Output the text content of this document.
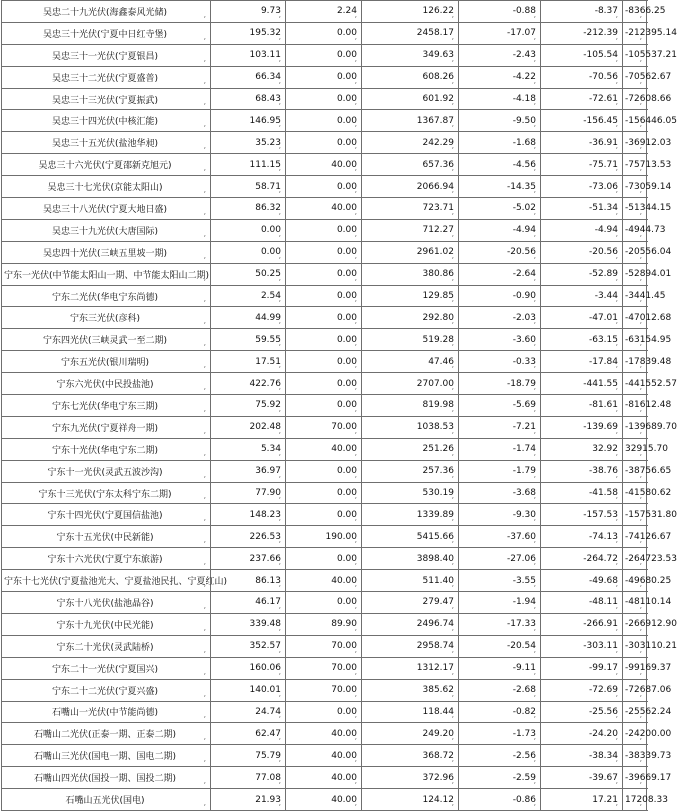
吴忠二十九光伏(海鑫泰风光储) ‚	9.73 ‚	2.24 ‚	126.22 ‚	-0.88 ‚	-8.37 ‚	-8366.25 ‚
吴忠三十光伏(宁夏中日红寺堡) ‚	195.32 ‚	0.00 ‚	2458.17 ‚	-17.07 ‚	-212.39 ‚	-212395.14 ‚
吴忠三十一光伏(宁夏银昌) ‚	103.11 ‚	0.00 ‚	349.63 ‚	-2.43 ‚	-105.54 ‚	-105537.21 ‚
吴忠三十二光伏(宁夏盛普) ‚	66.34 ‚	0.00 ‚	608.26 ‚	-4.22 ‚	-70.56 ‚	-70562.67 ‚
吴忠三十三光伏(宁夏振武) ‚	68.43 ‚	0.00 ‚	601.92 ‚	-4.18 ‚	-72.61 ‚	-72608.66 ‚
吴忠三十四光伏(中核汇能) ‚	146.95 ‚	0.00 ‚	1367.87 ‚	-9.50 ‚	-156.45 ‚	-156446.05 ‚
吴忠三十五光伏(盐池华昶) ‚	35.23 ‚	0.00 ‚	242.29 ‚	-1.68 ‚	-36.91 ‚	-36912.03 ‚
吴忠三十六光伏(宁夏邵新克旭元) ‚	111.15 ‚	40.00 ‚	657.36 ‚	-4.56 ‚	-75.71 ‚	-75713.53 ‚
吴忠三十七光伏(京能太阳山) ‚	58.71 ‚	0.00 ‚	2066.94 ‚	-14.35 ‚	-73.06 ‚	-73059.14 ‚
吴忠三十八光伏(宁夏大地日盛) ‚	86.32 ‚	40.00 ‚	723.71 ‚	-5.02 ‚	-51.34 ‚	-51344.15 ‚
吴忠三十九光伏(大唐国际) ‚	0.00 ‚	0.00 ‚	712.27 ‚	-4.94 ‚	-4.94 ‚	-4944.73 ‚
吴忠四十光伏(三峡五里坡一期) ‚	0.00 ‚	0.00 ‚	2961.02 ‚	-20.56 ‚	-20.56 ‚	-20556.04 ‚
宁东一光伏(中节能太阳山一期、中节能太阳山二期) ‚	50.25 ‚	0.00 ‚	380.86 ‚	-2.64 ‚	-52.89 ‚	-52894.01 ‚
宁东二光伏(华电宁东尚德) ‚	2.54 ‚	0.00 ‚	129.85 ‚	-0.90 ‚	-3.44 ‚	-3441.45 ‚
宁东三光伏(彦科) ‚	44.99 ‚	0.00 ‚	292.80 ‚	-2.03 ‚	-47.01 ‚	-47012.68 ‚
宁东四光伏(三峡灵武一至二期) ‚	59.55 ‚	0.00 ‚	519.28 ‚	-3.60 ‚	-63.15 ‚	-63154.95 ‚
宁东五光伏(银川瑞明) ‚	17.51 ‚	0.00 ‚	47.46 ‚	-0.33 ‚	-17.84 ‚	-17839.48 ‚
宁东六光伏(中民投盐池) ‚	422.76 ‚	0.00 ‚	2707.00 ‚	-18.79 ‚	-441.55 ‚	-441552.57 ‚
宁东七光伏(华电宁东三期) ‚	75.92 ‚	0.00 ‚	819.98 ‚	-5.69 ‚	-81.61 ‚	-81612.48 ‚
宁东九光伏(宁夏祥舟一期) ‚	202.48 ‚	70.00 ‚	1038.53 ‚	-7.21 ‚	-139.69 ‚	-139689.70 ‚
宁东十光伏(华电宁东二期) ‚	5.34 ‚	40.00 ‚	251.26 ‚	-1.74 ‚	32.92 ‚	32915.70 ‚
宁东十一光伏(灵武五波沙沟) ‚	36.97 ‚	0.00 ‚	257.36 ‚	-1.79 ‚	-38.76 ‚	-38756.65 ‚
宁东十三光伏(宁东太科宁东二期) ‚	77.90 ‚	0.00 ‚	530.19 ‚	-3.68 ‚	-41.58 ‚	-41580.62 ‚
宁东十四光伏(宁夏国信盐池) ‚	148.23 ‚	0.00 ‚	1339.89 ‚	-9.30 ‚	-157.53 ‚	-157531.80 ‚
宁东十五光伏(中民新能) ‚	226.53 ‚	190.00 ‚	5415.66 ‚	-37.60 ‚	-74.13 ‚	-74126.67 ‚
宁东十六光伏(宁夏宁东旅游) ‚	237.66 ‚	0.00 ‚	3898.40 ‚	-27.06 ‚	-264.72 ‚	-264723.53 ‚
宁东十七光伏(宁夏盐池光大、宁夏盐池民扎、宁夏红山) ‚	86.13 ‚	40.00 ‚	511.40 ‚	-3.55 ‚	-49.68 ‚	-49680.25 ‚
宁东十八光伏(盐池晶谷) ‚	46.17 ‚	0.00 ‚	279.47 ‚	-1.94 ‚	-48.11 ‚	-48110.14 ‚
宁东十九光伏(中民光能) ‚	339.48 ‚	89.90 ‚	2496.74 ‚	-17.33 ‚	-266.91 ‚	-266912.90 ‚
宁东二十光伏(灵武陆桥) ‚	352.57 ‚	70.00 ‚	2958.74 ‚	-20.54 ‚	-303.11 ‚	-303110.21 ‚
宁东二十一光伏(宁夏国兴) ‚	160.06 ‚	70.00 ‚	1312.17 ‚	-9.11 ‚	-99.17 ‚	-99169.37 ‚
宁东二十二光伏(宁夏兴盛) ‚	140.01 ‚	70.00 ‚	385.62 ‚	-2.68 ‚	-72.69 ‚	-72687.06 ‚
石嘴山一光伏(中节能尚德) ‚	24.74 ‚	0.00 ‚	118.44 ‚	-0.82 ‚	-25.56 ‚	-25562.24 ‚
石嘴山二光伏(正泰一期、正泰二期) ‚	62.47 ‚	40.00 ‚	249.20 ‚	-1.73 ‚	-24.20 ‚	-24200.00 ‚
石嘴山三光伏(国电一期、国电二期) ‚	75.79 ‚	40.00 ‚	368.72 ‚	-2.56 ‚	-38.34 ‚	-38339.73 ‚
石嘴山四光伏(国投一期、国投二期) ‚	77.08 ‚	40.00 ‚	372.96 ‚	-2.59 ‚	-39.67 ‚	-39669.17 ‚
石嘴山五光伏(国电) ‚	21.93 ‚	40.00 ‚	124.12 ‚	-0.86 ‚	17.21 ‚	17208.33 ‚
